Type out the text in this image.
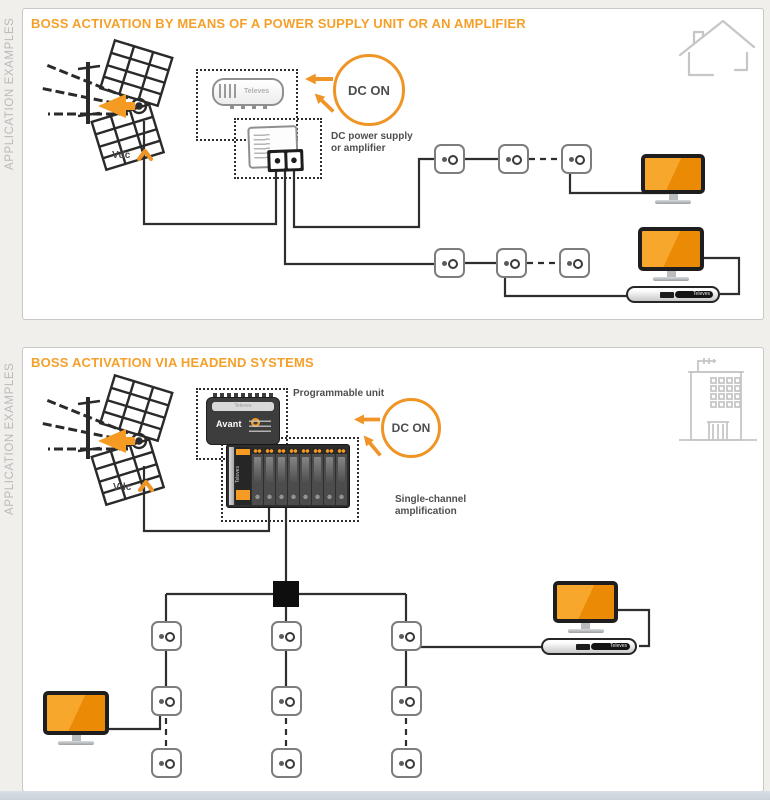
APPLICATION EXAMPLES
APPLICATION EXAMPLES
BOSS ACTIVATION BY MEANS OF A POWER SUPPLY UNIT OR AN AMPLIFIER
Vdc
Televes	DC ON
DC power supply
or amplifier
Televes
BOSS ACTIVATION VIA HEADEND SYSTEMS
Vdc
Televes
Avant
Televes
Programmable unit
DC ON
Single-channel
amplification
Televes
